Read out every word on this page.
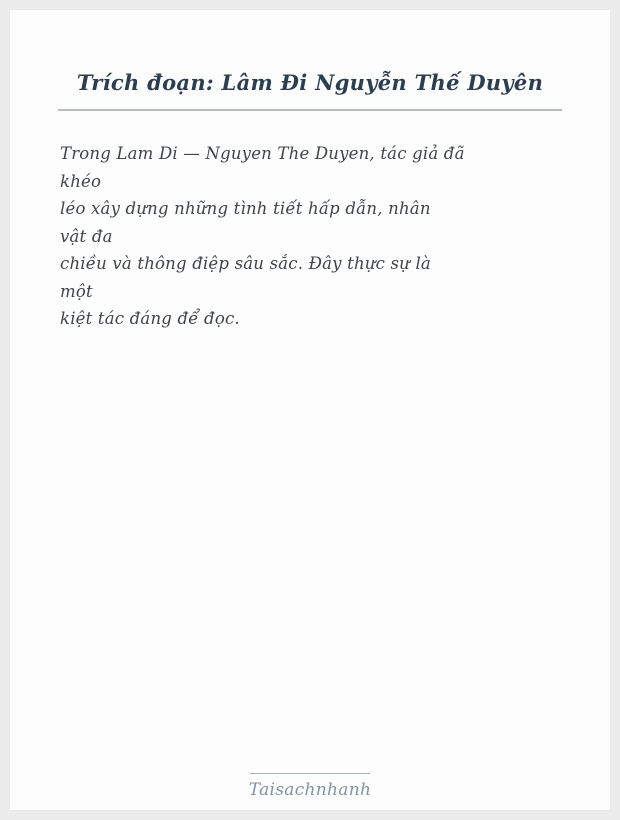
Trích đoạn: Lâm Đi Nguyễn Thế Duyên
Trong Lam Di — Nguyen The Duyen, tác giả đã
khéo
léo xây dựng những tình tiết hấp dẫn, nhân
vật đa
chiều và thông điệp sâu sắc. Đây thực sự là
một
kiệt tác đáng để đọc.
Taisachnhanh
